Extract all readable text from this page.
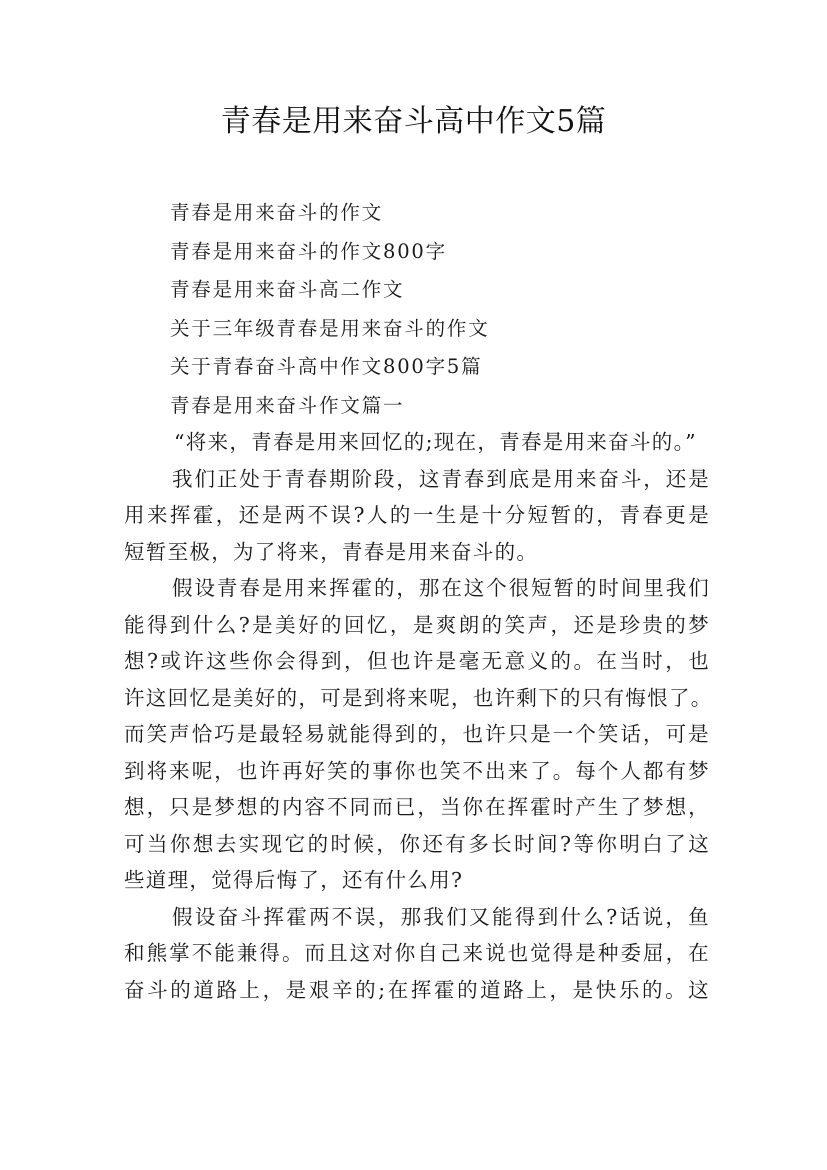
青春是用来奋斗高中作文5篇
青春是用来奋斗的作文
青春是用来奋斗的作文800字
青春是用来奋斗高二作文
关于三年级青春是用来奋斗的作文
关于青春奋斗高中作文800字5篇
青春是用来奋斗作文篇一
“将来，青春是用来回忆的;现在，青春是用来奋斗的。”
我们正处于青春期阶段，这青春到底是用来奋斗，还是
用来挥霍，还是两不误?人的一生是十分短暂的，青春更是
短暂至极，为了将来，青春是用来奋斗的。
假设青春是用来挥霍的，那在这个很短暂的时间里我们
能得到什么?是美好的回忆，是爽朗的笑声，还是珍贵的梦
想?或许这些你会得到，但也许是毫无意义的。在当时，也
许这回忆是美好的，可是到将来呢，也许剩下的只有悔恨了。
而笑声恰巧是最轻易就能得到的，也许只是一个笑话，可是
到将来呢，也许再好笑的事你也笑不出来了。每个人都有梦
想，只是梦想的内容不同而已，当你在挥霍时产生了梦想，
可当你想去实现它的时候，你还有多长时间?等你明白了这
些道理，觉得后悔了，还有什么用?
假设奋斗挥霍两不误，那我们又能得到什么?话说，鱼
和熊掌不能兼得。而且这对你自己来说也觉得是种委屈，在
奋斗的道路上，是艰辛的;在挥霍的道路上，是快乐的。这
